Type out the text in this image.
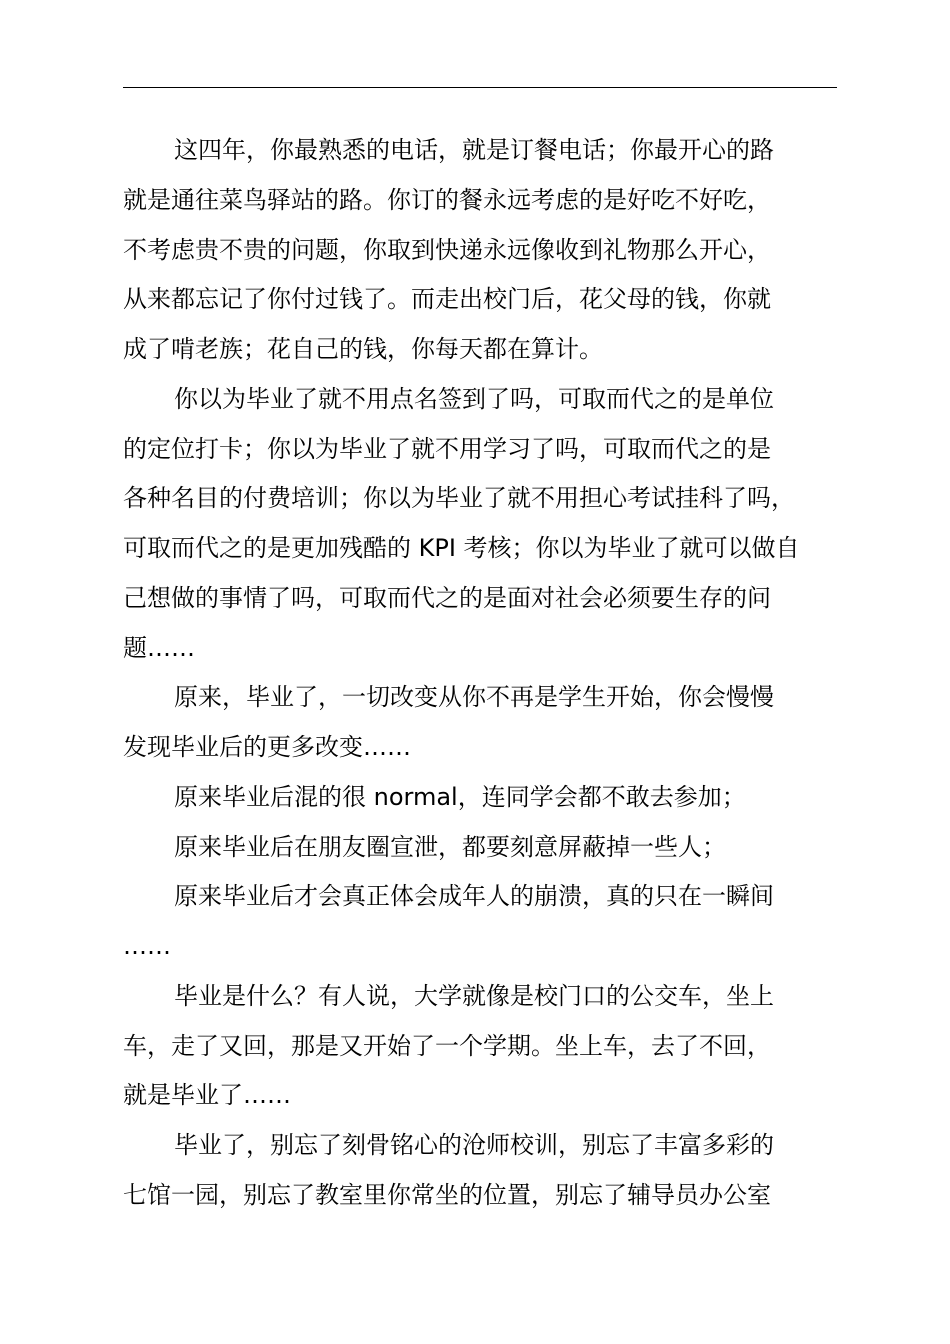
这四年，你最熟悉的电话，就是订餐电话；你最开心的路
就是通往菜鸟驿站的路。你订的餐永远考虑的是好吃不好吃，
不考虑贵不贵的问题，你取到快递永远像收到礼物那么开心，
从来都忘记了你付过钱了。而走出校门后，花父母的钱，你就
成了啃老族；花自己的钱，你每天都在算计。
你以为毕业了就不用点名签到了吗，可取而代之的是单位
的定位打卡；你以为毕业了就不用学习了吗，可取而代之的是
各种名目的付费培训；你以为毕业了就不用担心考试挂科了吗，
可取而代之的是更加残酷的 KPI 考核；你以为毕业了就可以做自
己想做的事情了吗，可取而代之的是面对社会必须要生存的问
题……
原来，毕业了，一切改变从你不再是学生开始，你会慢慢
发现毕业后的更多改变……
原来毕业后混的很 normal，连同学会都不敢去参加；
原来毕业后在朋友圈宣泄，都要刻意屏蔽掉一些人；
原来毕业后才会真正体会成年人的崩溃，真的只在一瞬间
……
毕业是什么？有人说，大学就像是校门口的公交车，坐上
车，走了又回，那是又开始了一个学期。坐上车，去了不回，
就是毕业了……
毕业了，别忘了刻骨铭心的沧师校训，别忘了丰富多彩的
七馆一园，别忘了教室里你常坐的位置，别忘了辅导员办公室
